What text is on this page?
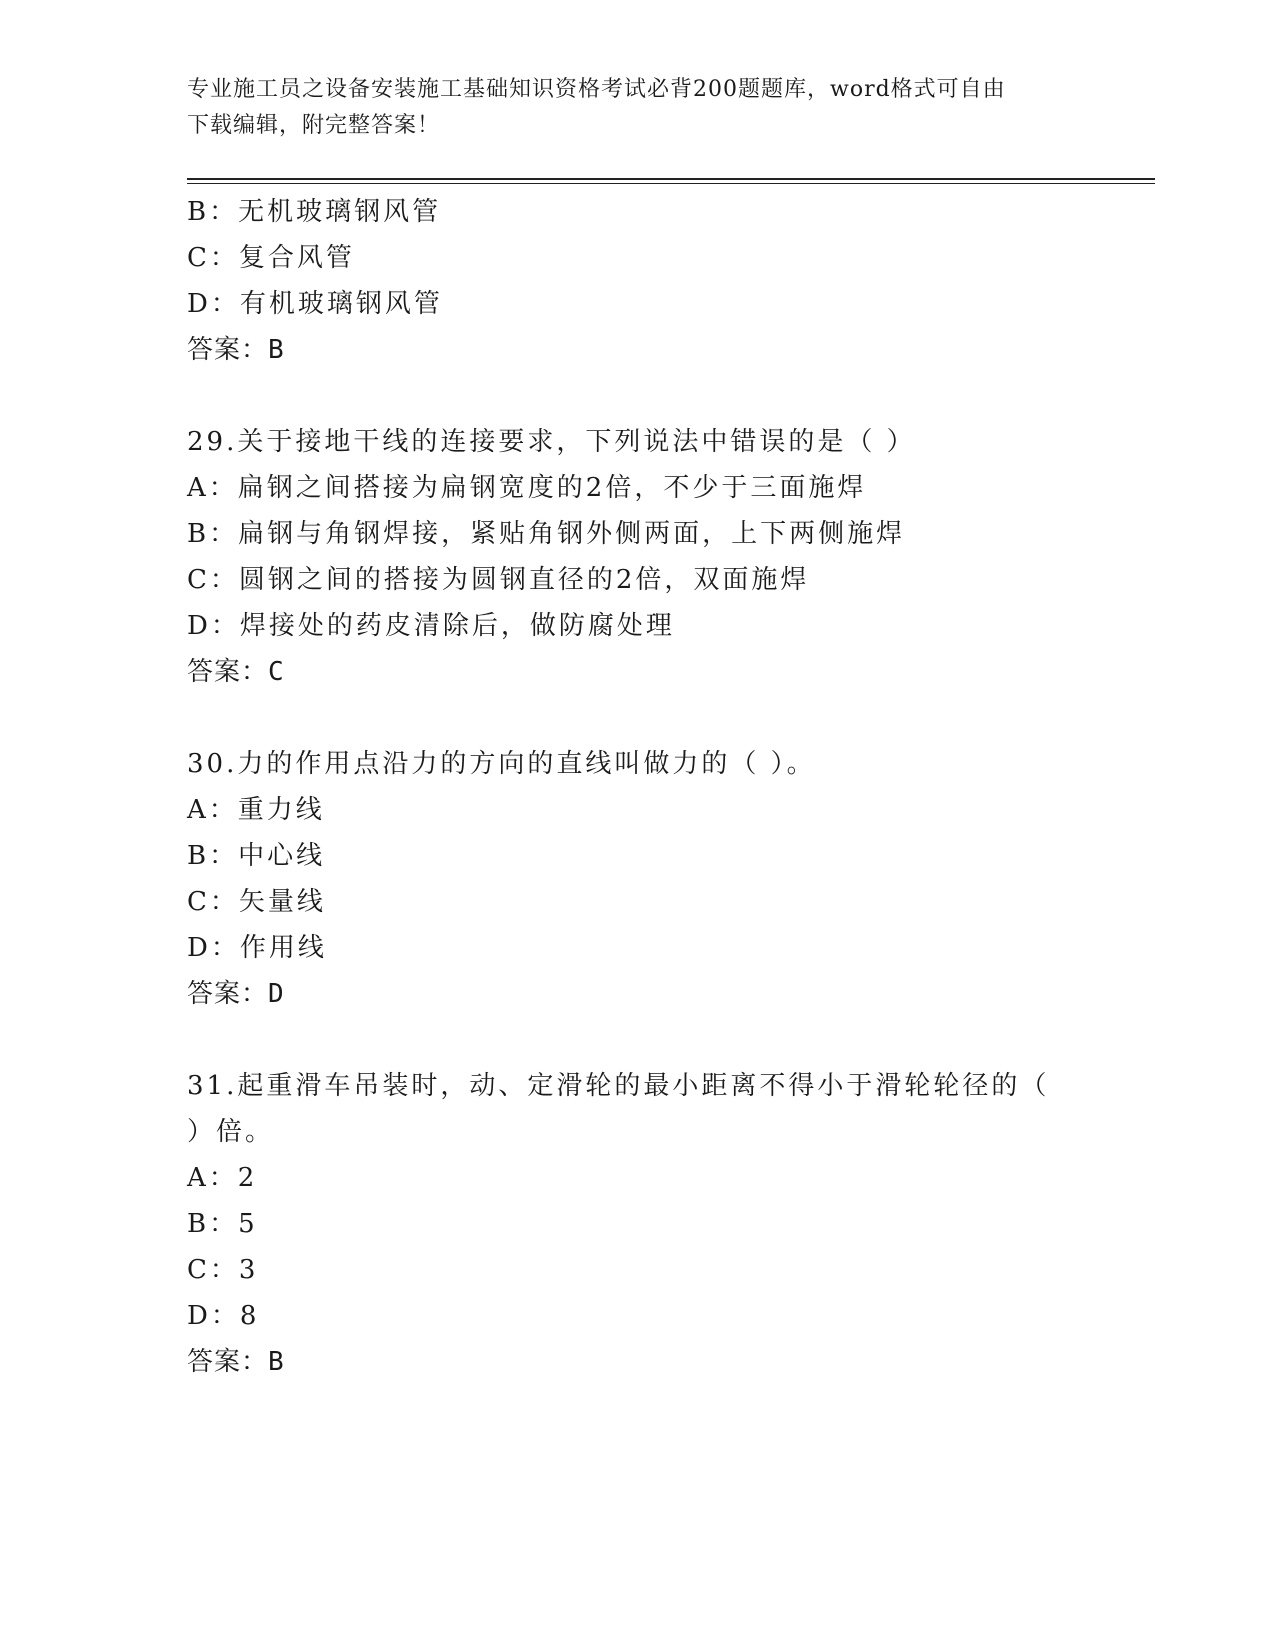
专业施工员之设备安装施工基础知识资格考试必背200题题库，word格式可自由
下载编辑，附完整答案！
B：无机玻璃钢风管
C：复合风管
D：有机玻璃钢风管
答案：B
29.关于接地干线的连接要求，下列说法中错误的是（ ）
A：扁钢之间搭接为扁钢宽度的2倍，不少于三面施焊
B：扁钢与角钢焊接，紧贴角钢外侧两面，上下两侧施焊
C：圆钢之间的搭接为圆钢直径的2倍，双面施焊
D：焊接处的药皮清除后，做防腐处理
答案：C
30.力的作用点沿力的方向的直线叫做力的（ ）。
A：重力线
B：中心线
C：矢量线
D：作用线
答案：D
31.起重滑车吊装时，动、定滑轮的最小距离不得小于滑轮轮径的（
）倍。
A：2
B：5
C：3
D：8
答案：B
